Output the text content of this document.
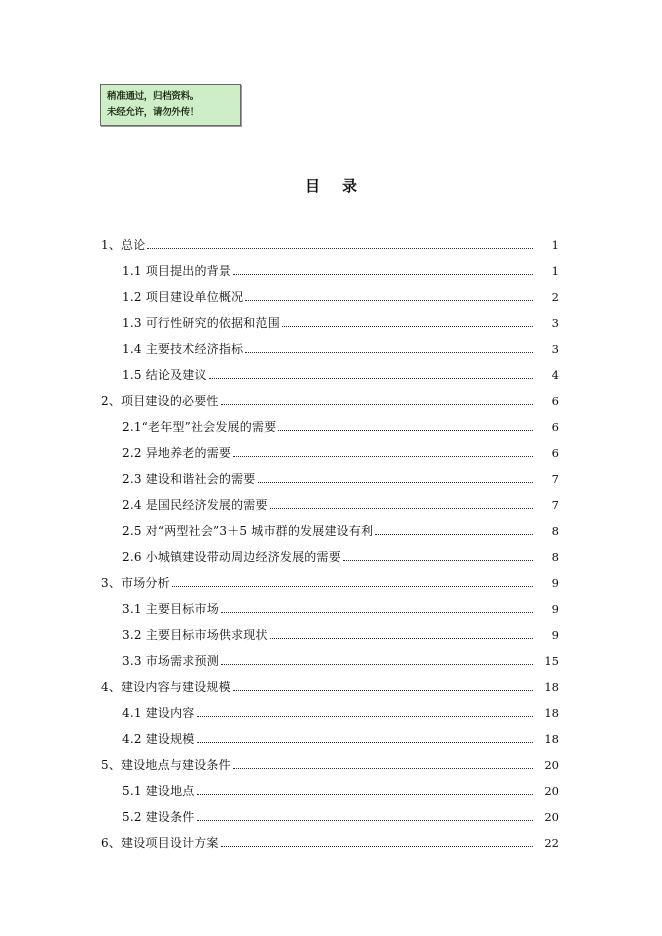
稍准通过，归档资料。
未经允许，请勿外传！
目录
1、总论	1
1.1 项目提出的背景	1
1.2 项目建设单位概况	2
1.3 可行性研究的依据和范围	3
1.4 主要技术经济指标	3
1.5 结论及建议	4
2、项目建设的必要性	6
2.1“老年型”社会发展的需要	6
2.2 异地养老的需要	6
2.3 建设和谐社会的需要	7
2.4 是国民经济发展的需要	7
2.5 对“两型社会”3＋5 城市群的发展建设有利	8
2.6 小城镇建设带动周边经济发展的需要	8
3、市场分析	9
3.1 主要目标市场	9
3.2 主要目标市场供求现状	9
3.3 市场需求预测	15
4、建设内容与建设规模	18
4.1 建设内容	18
4.2 建设规模	18
5、建设地点与建设条件	20
5.1 建设地点	20
5.2 建设条件	20
6、建设项目设计方案	22
